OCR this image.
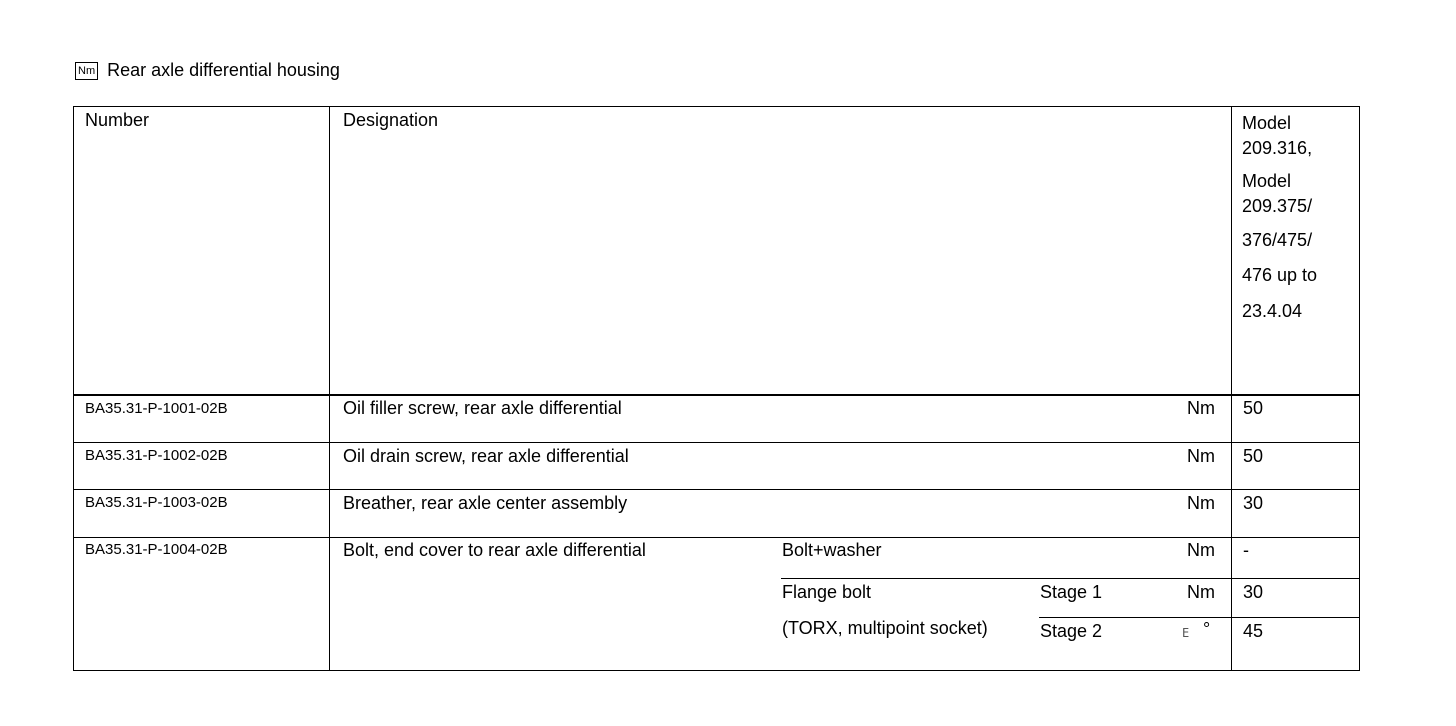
Nm Rear axle differential housing
Number	Designation	Model
209.316,
Model
209.375/
376/475/
476 up to
23.4.04
BA35.31-P-1001-02B	Oil filler screw, rear axle differential	Nm 50
BA35.31-P-1002-02B	Oil drain screw, rear axle differential	Nm 50
BA35.31-P-1003-02B	Breather, rear axle center assembly	Nm 30
BA35.31-P-1004-02B	Bolt, end cover to rear axle differential	Bolt+washer	Nm -
Flange bolt	Stage 1	Nm 30
(TORX, multipoint socket)	Stage 2	E ° 45
